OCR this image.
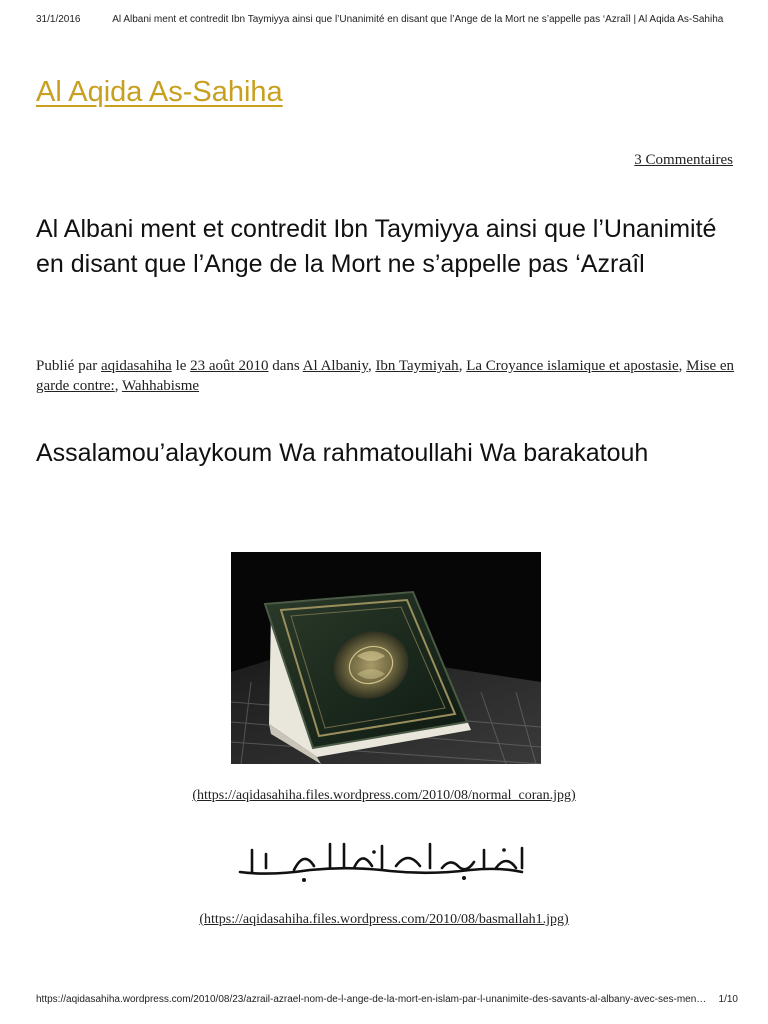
31/1/2016	Al Albani ment et contredit Ibn Taymiyya ainsi que l’Unanimité en disant que l’Ange de la Mort ne s’appelle pas ‘Azraîl | Al Aqida As-Sahiha
Al Aqida As-Sahiha
3 Commentaires
Al Albani ment et contredit Ibn Taymiyya ainsi que l’Unanimité en disant que l’Ange de la Mort ne s’appelle pas ‘Azraîl
Publié par aqidasahiha le 23 août 2010 dans Al Albaniy, Ibn Taymiyah, La Croyance islamique et apostasie, Mise en garde contre:, Wahhabisme
Assalamou’alaykoum Wa rahmatoullahi Wa barakatouh
(https://aqidasahiha.files.wordpress.com/2010/08/normal_coran.jpg)
(https://aqidasahiha.files.wordpress.com/2010/08/basmallah1.jpg)
https://aqidasahiha.wordpress.com/2010/08/23/azrail-azrael-nom-de-l-ange-de-la-mort-en-islam-par-l-unanimite-des-savants-al-albany-avec-ses-mens…	1/10
